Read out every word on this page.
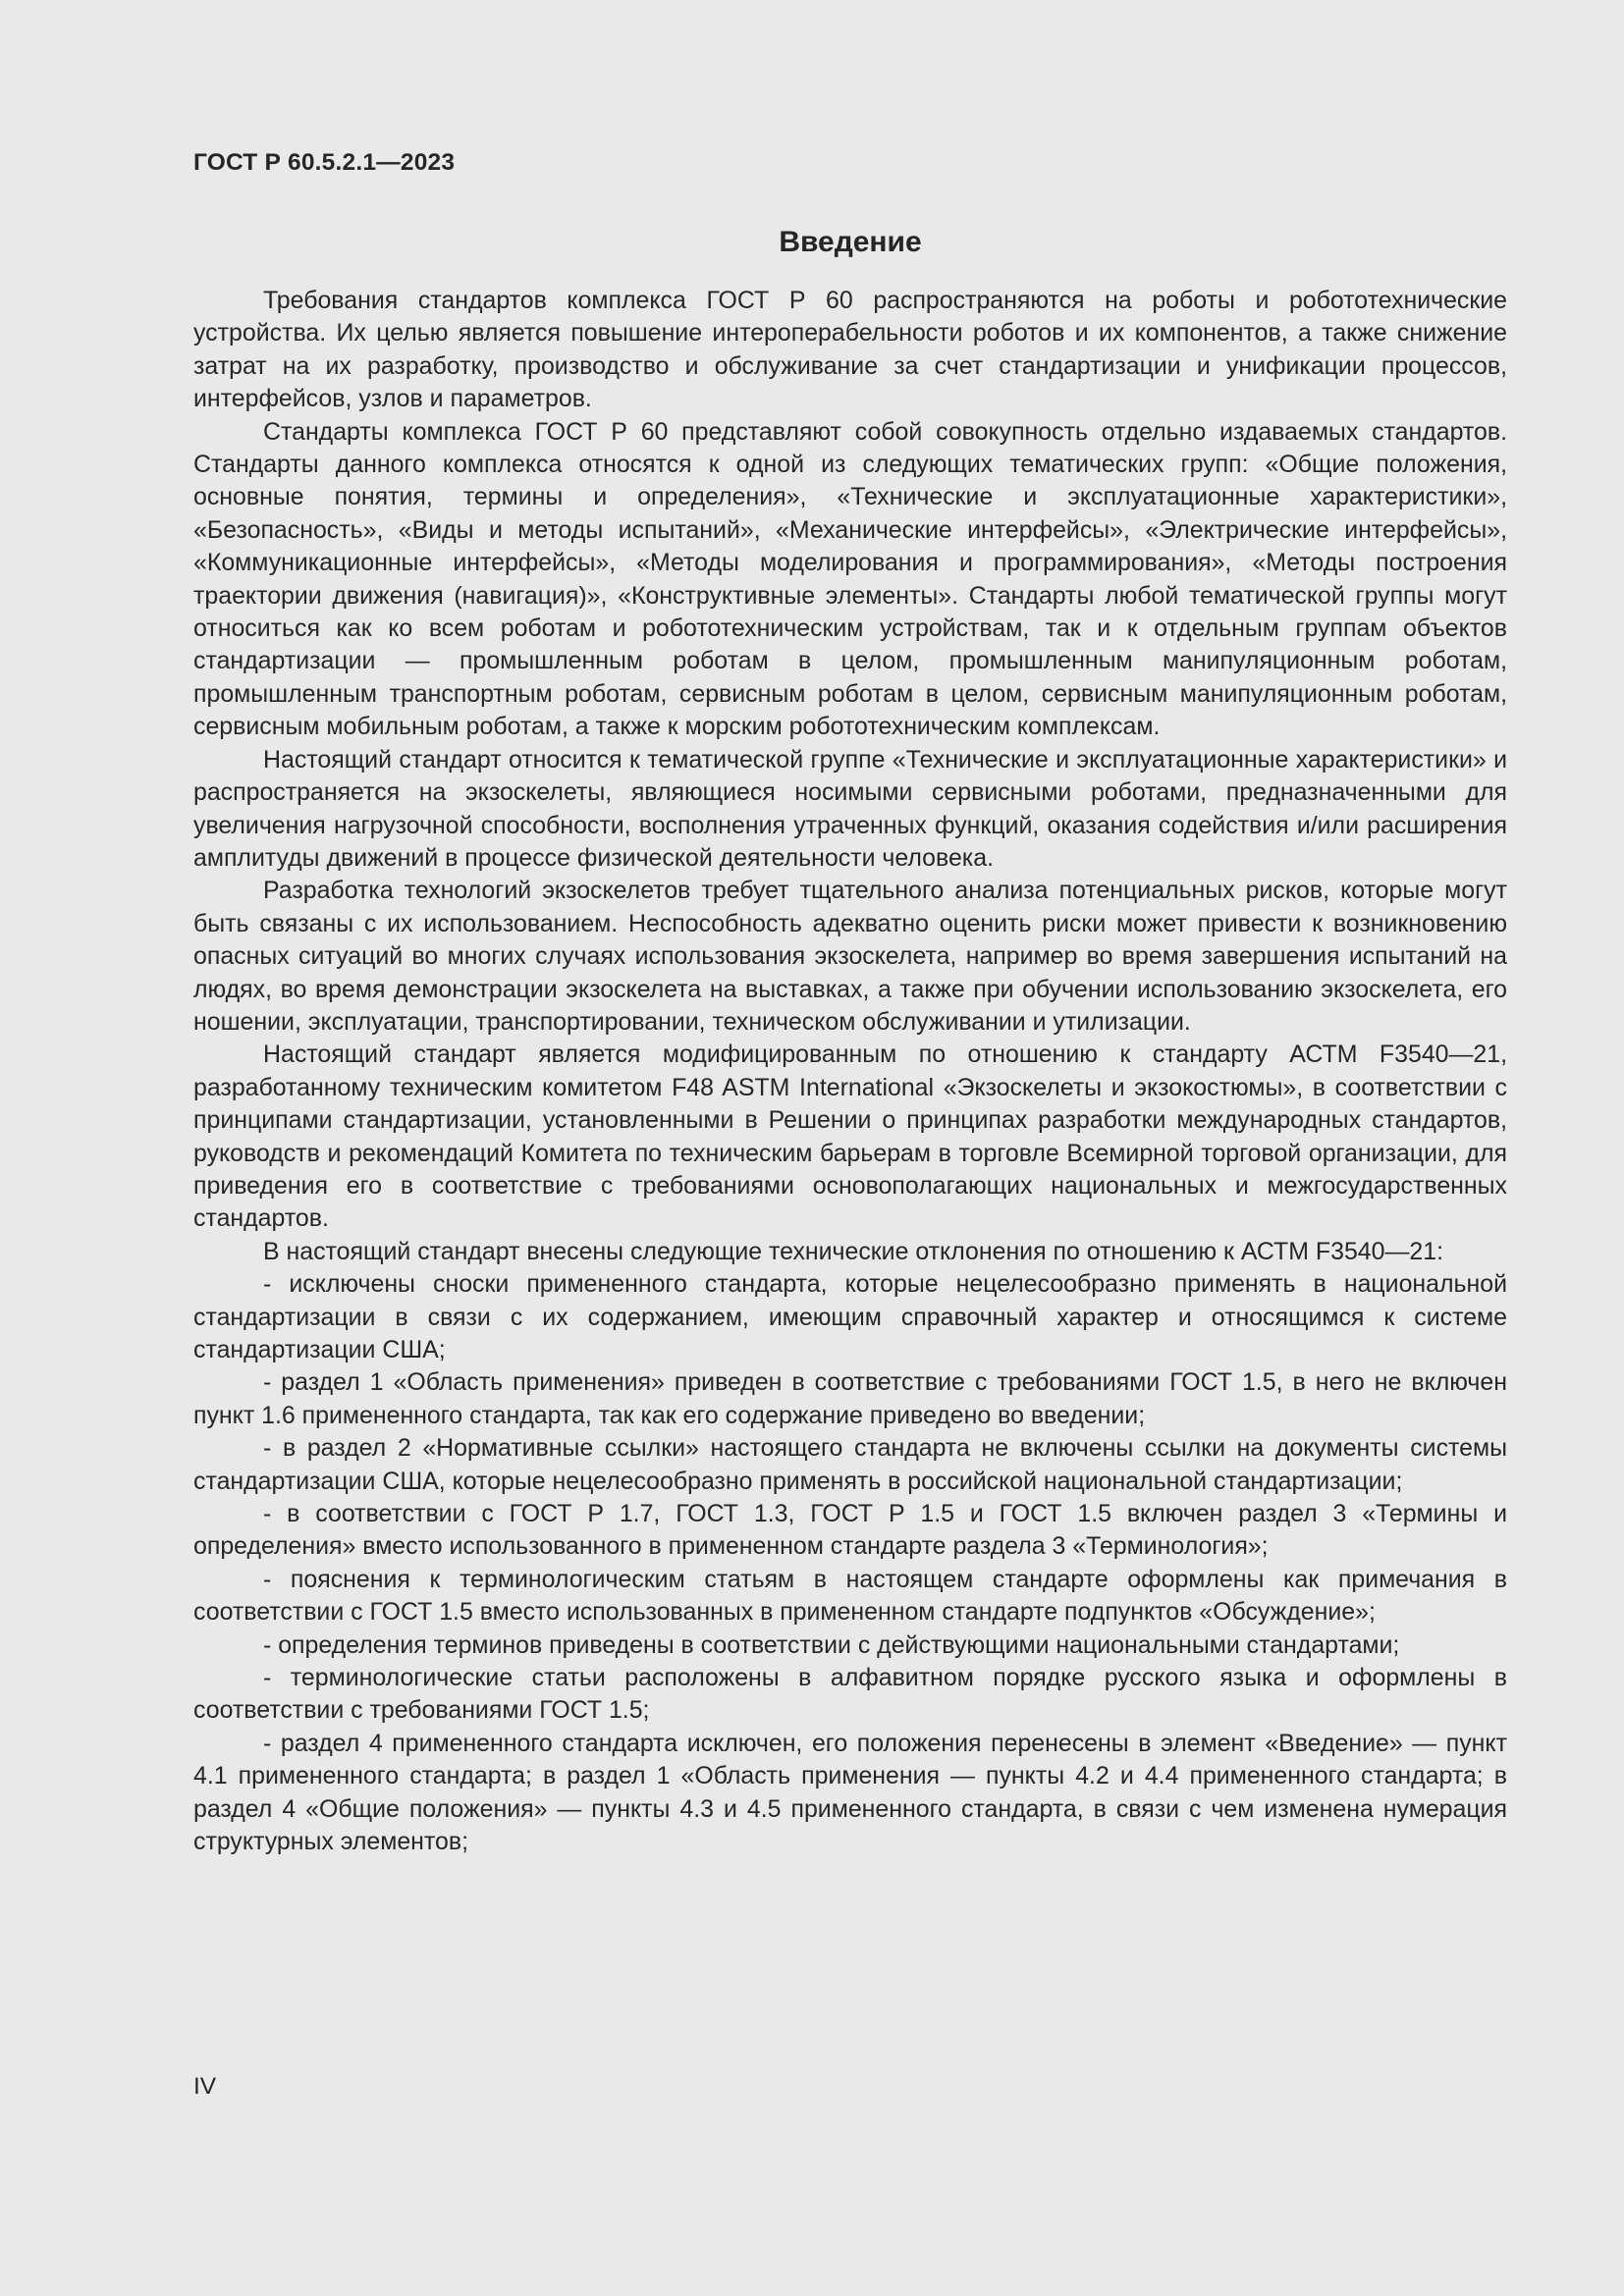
ГОСТ Р 60.5.2.1—2023
Введение

Требования стандартов комплекса ГОСТ Р 60 распространяются на роботы и робототехнические устройства. Их целью является повышение интероперабельности роботов и их компонентов, а также снижение затрат на их разработку, производство и обслуживание за счет стандартизации и унификации процессов, интерфейсов, узлов и параметров.

Стандарты комплекса ГОСТ Р 60 представляют собой совокупность отдельно издаваемых стандартов. Стандарты данного комплекса относятся к одной из следующих тематических групп: «Общие положения, основные понятия, термины и определения», «Технические и эксплуатационные характеристики», «Безопасность», «Виды и методы испытаний», «Механические интерфейсы», «Электрические интерфейсы», «Коммуникационные интерфейсы», «Методы моделирования и программирования», «Методы построения траектории движения (навигация)», «Конструктивные элементы». Стандарты любой тематической группы могут относиться как ко всем роботам и робототехническим устройствам, так и к отдельным группам объектов стандартизации — промышленным роботам в целом, промышленным манипуляционным роботам, промышленным транспортным роботам, сервисным роботам в целом, сервисным манипуляционным роботам, сервисным мобильным роботам, а также к морским робототехническим комплексам.

Настоящий стандарт относится к тематической группе «Технические и эксплуатационные характеристики» и распространяется на экзоскелеты, являющиеся носимыми сервисными роботами, предназначенными для увеличения нагрузочной способности, восполнения утраченных функций, оказания содействия и/или расширения амплитуды движений в процессе физической деятельности человека.

Разработка технологий экзоскелетов требует тщательного анализа потенциальных рисков, которые могут быть связаны с их использованием. Неспособность адекватно оценить риски может привести к возникновению опасных ситуаций во многих случаях использования экзоскелета, например во время завершения испытаний на людях, во время демонстрации экзоскелета на выставках, а также при обучении использованию экзоскелета, его ношении, эксплуатации, транспортировании, техническом обслуживании и утилизации.

Настоящий стандарт является модифицированным по отношению к стандарту АСТМ F3540—21, разработанному техническим комитетом F48 ASTM International «Экзоскелеты и экзокостюмы», в соответствии с принципами стандартизации, установленными в Решении о принципах разработки международных стандартов, руководств и рекомендаций Комитета по техническим барьерам в торговле Всемирной торговой организации, для приведения его в соответствие с требованиями основополагающих национальных и межгосударственных стандартов.

В настоящий стандарт внесены следующие технические отклонения по отношению к АСТМ F3540—21:

- исключены сноски примененного стандарта, которые нецелесообразно применять в национальной стандартизации в связи с их содержанием, имеющим справочный характер и относящимся к системе стандартизации США;

- раздел 1 «Область применения» приведен в соответствие с требованиями ГОСТ 1.5, в него не включен пункт 1.6 примененного стандарта, так как его содержание приведено во введении;

- в раздел 2 «Нормативные ссылки» настоящего стандарта не включены ссылки на документы системы стандартизации США, которые нецелесообразно применять в российской национальной стандартизации;

- в соответствии с ГОСТ Р 1.7, ГОСТ 1.3, ГОСТ Р 1.5 и ГОСТ 1.5 включен раздел 3 «Термины и определения» вместо использованного в примененном стандарте раздела 3 «Терминология»;

- пояснения к терминологическим статьям в настоящем стандарте оформлены как примечания в соответствии с ГОСТ 1.5 вместо использованных в примененном стандарте подпунктов «Обсуждение»;

- определения терминов приведены в соответствии с действующими национальными стандартами;

- терминологические статьи расположены в алфавитном порядке русского языка и оформлены в соответствии с требованиями ГОСТ 1.5;

- раздел 4 примененного стандарта исключен, его положения перенесены в элемент «Введение» — пункт 4.1 примененного стандарта; в раздел 1 «Область применения — пункты 4.2 и 4.4 примененного стандарта; в раздел 4 «Общие положения» — пункты 4.3 и 4.5 примененного стандарта, в связи с чем изменена нумерация структурных элементов;

IV
